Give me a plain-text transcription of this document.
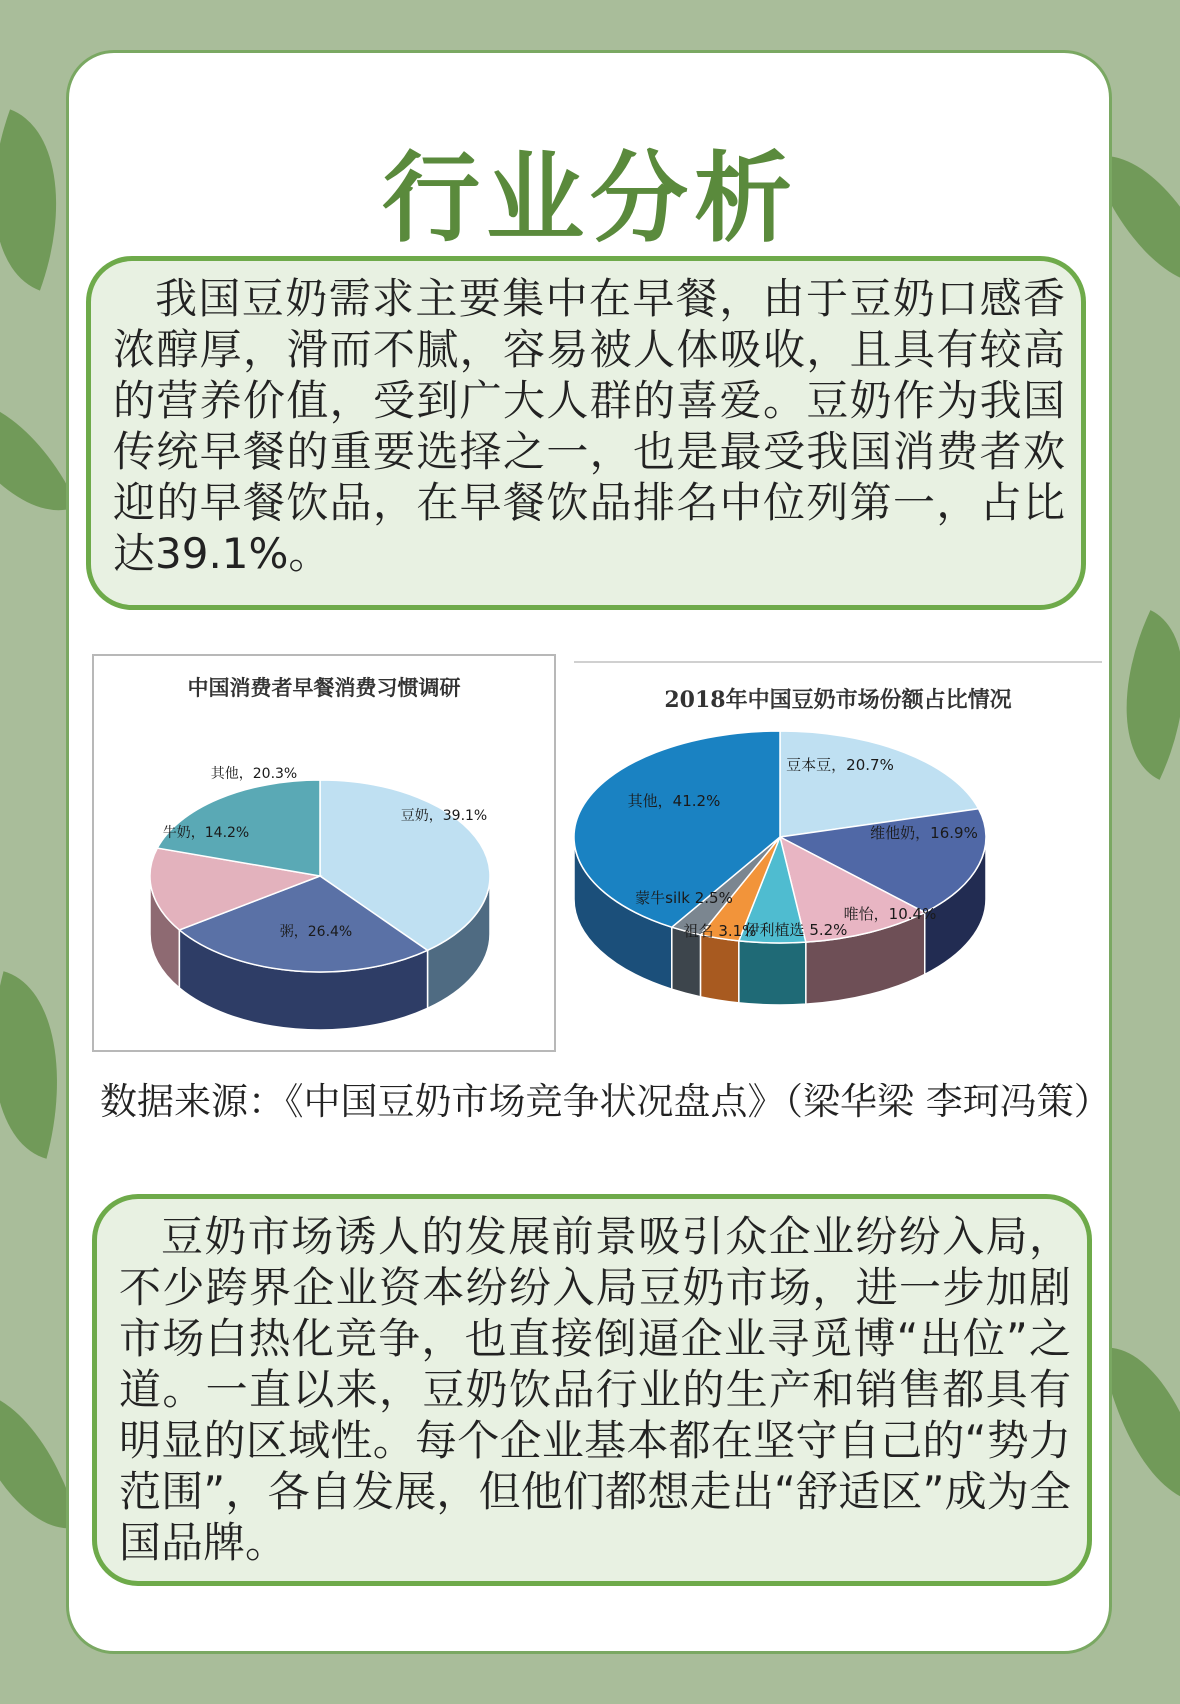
行业分析
我国豆奶需求主要集中在早餐，由于豆奶口感香浓醇厚，滑而不腻，容易被人体吸收，且具有较高的营养价值，受到广大人群的喜爱。豆奶作为我国传统早餐的重要选择之一，也是最受我国消费者欢迎的早餐饮品，在早餐饮品排名中位列第一，占比达39.1%。
中国消费者早餐消费习惯调研
豆奶，39.1%
粥，26.4%
牛奶，14.2%
其他，20.3%
2018年中国豆奶市场份额占比情况
豆本豆，20.7%
维他奶，16.9%
唯怡，10.4%
伊利植选 5.2%
祖名 3.1%
蒙牛silk 2.5%
其他，41.2%
数据来源：《中国豆奶市场竞争状况盘点》（梁华梁 李珂冯策）
豆奶市场诱人的发展前景吸引众企业纷纷入局，不少跨界企业资本纷纷入局豆奶市场，进一步加剧市场白热化竞争，也直接倒逼企业寻觅博“出位”之道。一直以来，豆奶饮品行业的生产和销售都具有明显的区域性。每个企业基本都在坚守自己的“势力范围”，各自发展，但他们都想走出“舒适区”成为全国品牌。
